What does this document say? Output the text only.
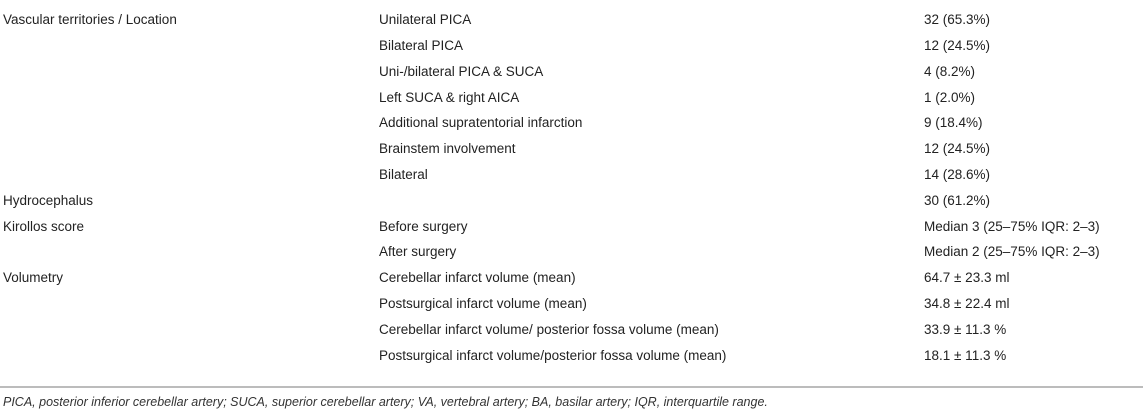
Vascular territories / Location	Unilateral PICA	32 (65.3%)
	Bilateral PICA	12 (24.5%)
	Uni-/bilateral PICA & SUCA	4 (8.2%)
	Left SUCA & right AICA	1 (2.0%)
	Additional supratentorial infarction	9 (18.4%)
	Brainstem involvement	12 (24.5%)
	Bilateral	14 (28.6%)
Hydrocephalus		30 (61.2%)
Kirollos score	Before surgery	Median 3 (25–75% IQR: 2–3)
	After surgery	Median 2 (25–75% IQR: 2–3)
Volumetry	Cerebellar infarct volume (mean)	64.7 ± 23.3 ml
	Postsurgical infarct volume (mean)	34.8 ± 22.4 ml
	Cerebellar infarct volume/ posterior fossa volume (mean)	33.9 ± 11.3 %
	Postsurgical infarct volume/posterior fossa volume (mean)	18.1 ± 11.3 %
PICA, posterior inferior cerebellar artery; SUCA, superior cerebellar artery; VA, vertebral artery; BA, basilar artery; IQR, interquartile range.
